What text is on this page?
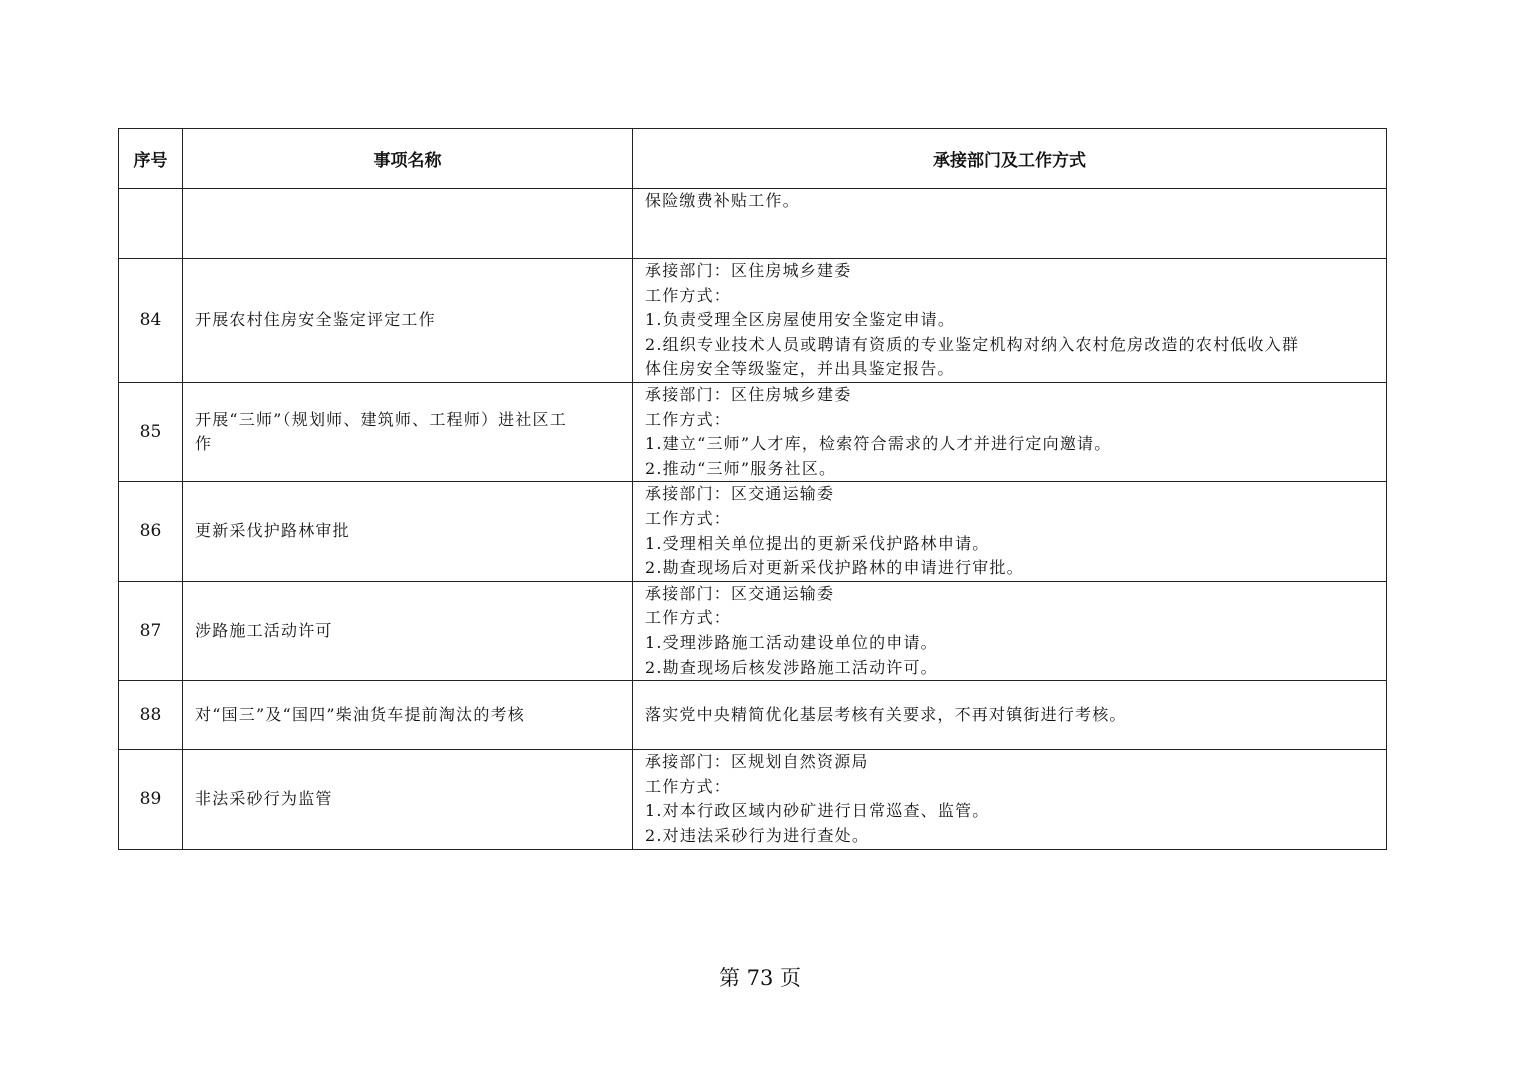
序号	事项名称	承接部门及工作方式

		保险缴费补贴工作。

84	开展农村住房安全鉴定评定工作	承接部门：区住房城乡建委
工作方式：
1.负责受理全区房屋使用安全鉴定申请。
2.组织专业技术人员或聘请有资质的专业鉴定机构对纳入农村危房改造的农村低收入群
体住房安全等级鉴定，并出具鉴定报告。

85	开展“三师”（规划师、建筑师、工程师）进社区工
作	承接部门：区住房城乡建委
工作方式：
1.建立“三师”人才库，检索符合需求的人才并进行定向邀请。
2.推动“三师”服务社区。

86	更新采伐护路林审批	承接部门：区交通运输委
工作方式：
1.受理相关单位提出的更新采伐护路林申请。
2.勘查现场后对更新采伐护路林的申请进行审批。

87	涉路施工活动许可	承接部门：区交通运输委
工作方式：
1.受理涉路施工活动建设单位的申请。
2.勘查现场后核发涉路施工活动许可。

88	对“国三”及“国四”柴油货车提前淘汰的考核	落实党中央精简优化基层考核有关要求，不再对镇街进行考核。

89	非法采砂行为监管	承接部门：区规划自然资源局
工作方式：
1.对本行政区域内砂矿进行日常巡查、监管。
2.对违法采砂行为进行查处。
第 73 页
